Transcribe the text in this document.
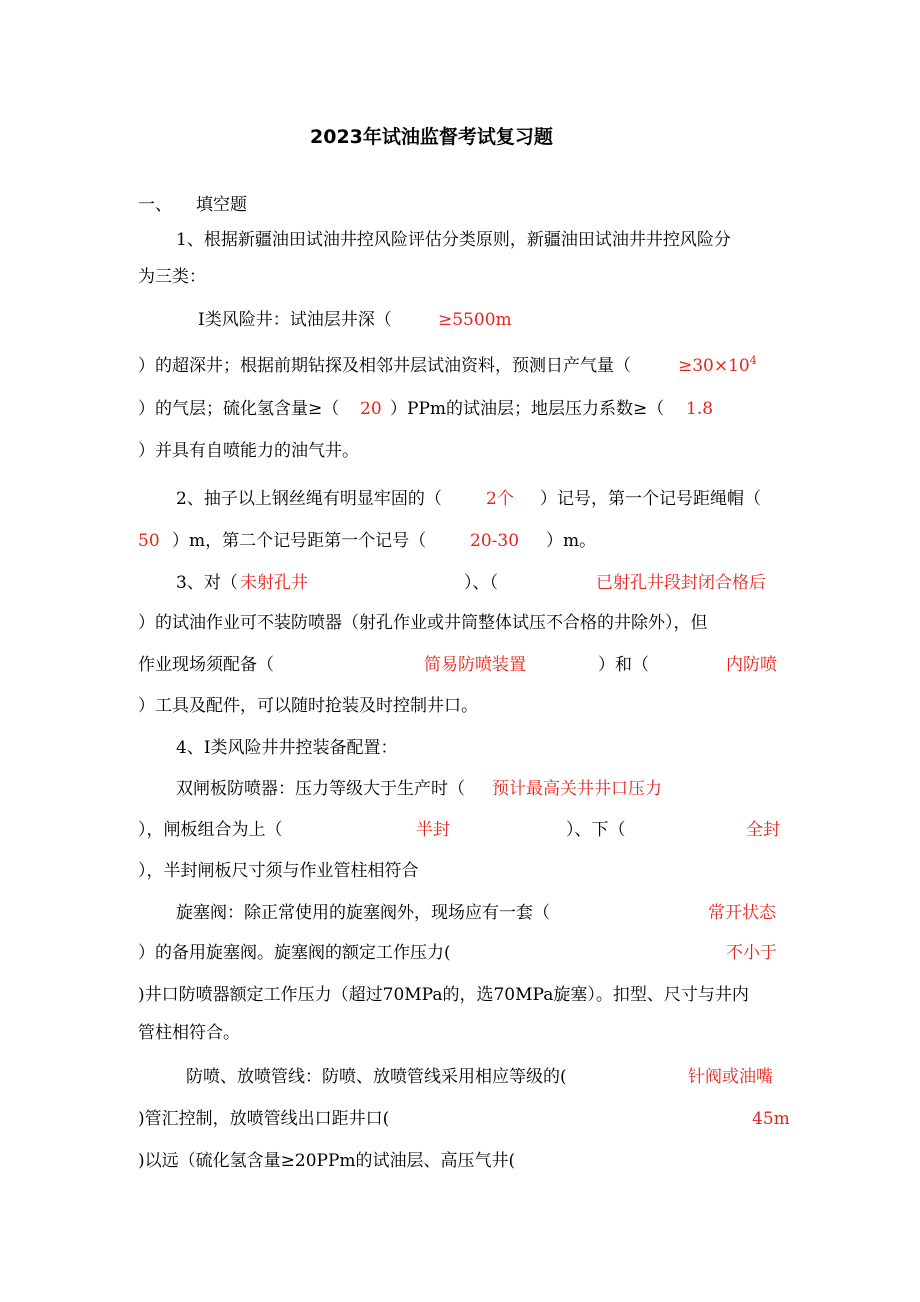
2023年试油监督考试复习题
一、 填空题
1、根据新疆油田试油井控风险评估分类原则，新疆油田试油井井控风险分
为三类：
Ⅰ类风险井：试油层井深（	≥5500m
）的超深井；根据前期钻探及相邻井层试油资料，预测日产气量（	$\ge 30\times 10^4$
）的气层；硫化氢含量≥（ 20 ）PPm的试油层；地层压力系数≥（ 1.8
）并具有自喷能力的油气井。
2、抽子以上钢丝绳有明显牢固的（	2个 ）记号，第一个记号距绳帽（
50 ）m，第二个记号距第一个记号（	20-30 ）m。
3、对（ 未射孔井	）、（	已射孔井段封闭合格后
）的试油作业可不装防喷器（射孔作业或井筒整体试压不合格的井除外），但
作业现场须配备（	简易防喷装置	）和（	内防喷
）工具及配件，可以随时抢装及时控制井口。
4、Ⅰ类风险井井控装备配置：
双闸板防喷器：压力等级大于生产时（ 预计最高关井井口压力
），闸板组合为上（	半封	）、下（	全封
），半封闸板尺寸须与作业管柱相符合
旋塞阀：除正常使用的旋塞阀外，现场应有一套（	常开状态
）的备用旋塞阀。旋塞阀的额定工作压力(	不小于
)井口防喷器额定工作压力（超过70MPa的，选70MPa旋塞）。扣型、尺寸与井内
管柱相符合。
防喷、放喷管线：防喷、放喷管线采用相应等级的(	针阀或油嘴
)管汇控制，放喷管线出口距井口(	45m
)以远（硫化氢含量≥20PPm的试油层、高压气井(
